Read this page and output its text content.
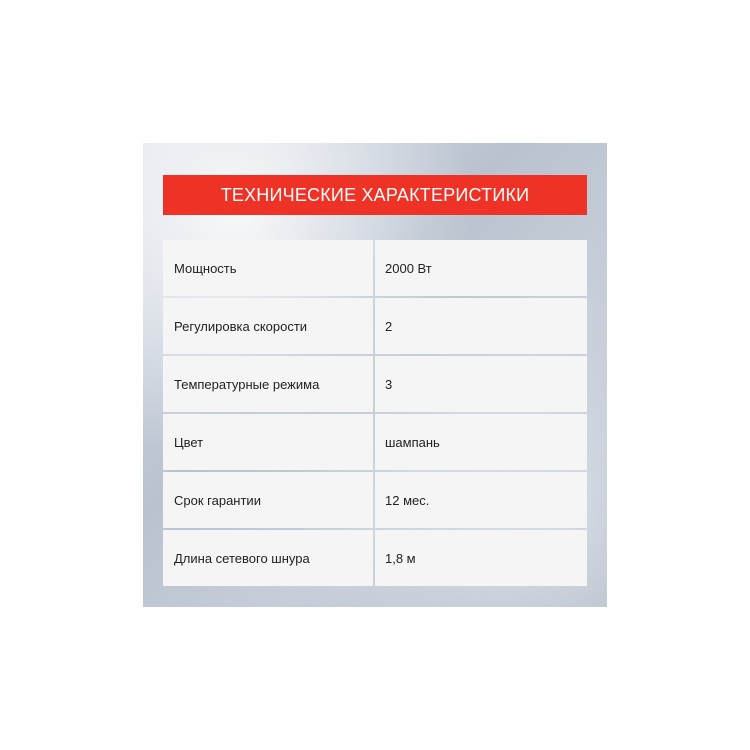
ТЕХНИЧЕСКИЕ ХАРАКТЕРИСТИКИ
Мощность	2000 Вт
Регулировка скорости	2
Температурные режима	3
Цвет	шампань
Срок гарантии	12 мес.
Длина сетевого шнура	1,8 м
